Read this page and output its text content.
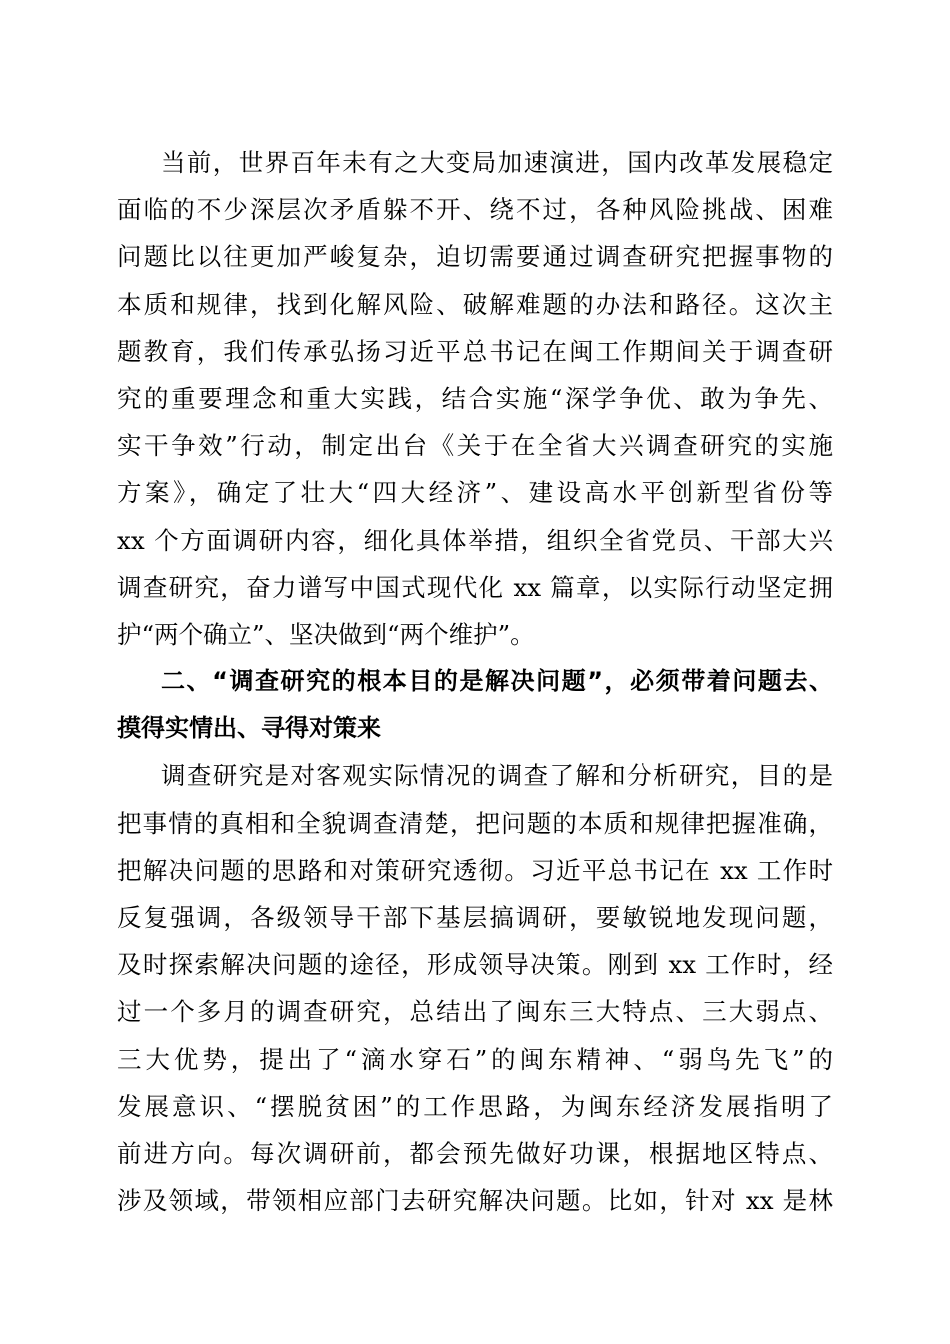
当前，世界百年未有之大变局加速演进，国内改革发展稳定
面临的不少深层次矛盾躲不开、绕不过，各种风险挑战、困难
问题比以往更加严峻复杂，迫切需要通过调查研究把握事物的
本质和规律，找到化解风险、破解难题的办法和路径。这次主
题教育，我们传承弘扬习近平总书记在闽工作期间关于调查研
究的重要理念和重大实践，结合实施“深学争优、敢为争先、
实干争效”行动，制定出台《关于在全省大兴调查研究的实施
方案》，确定了壮大“四大经济”、建设高水平创新型省份等
xx 个方面调研内容，细化具体举措，组织全省党员、干部大兴
调查研究，奋力谱写中国式现代化 xx 篇章，以实际行动坚定拥
护“两个确立”、坚决做到“两个维护”。
二、“调查研究的根本目的是解决问题”，必须带着问题去、
摸得实情出、寻得对策来
调查研究是对客观实际情况的调查了解和分析研究，目的是
把事情的真相和全貌调查清楚，把问题的本质和规律把握准确，
把解决问题的思路和对策研究透彻。习近平总书记在 xx 工作时
反复强调，各级领导干部下基层搞调研，要敏锐地发现问题，
及时探索解决问题的途径，形成领导决策。刚到 xx 工作时，经
过一个多月的调查研究，总结出了闽东三大特点、三大弱点、
三大优势，提出了“滴水穿石”的闽东精神、“弱鸟先飞”的
发展意识、“摆脱贫困”的工作思路，为闽东经济发展指明了
前进方向。每次调研前，都会预先做好功课，根据地区特点、
涉及领域，带领相应部门去研究解决问题。比如，针对 xx 是林
